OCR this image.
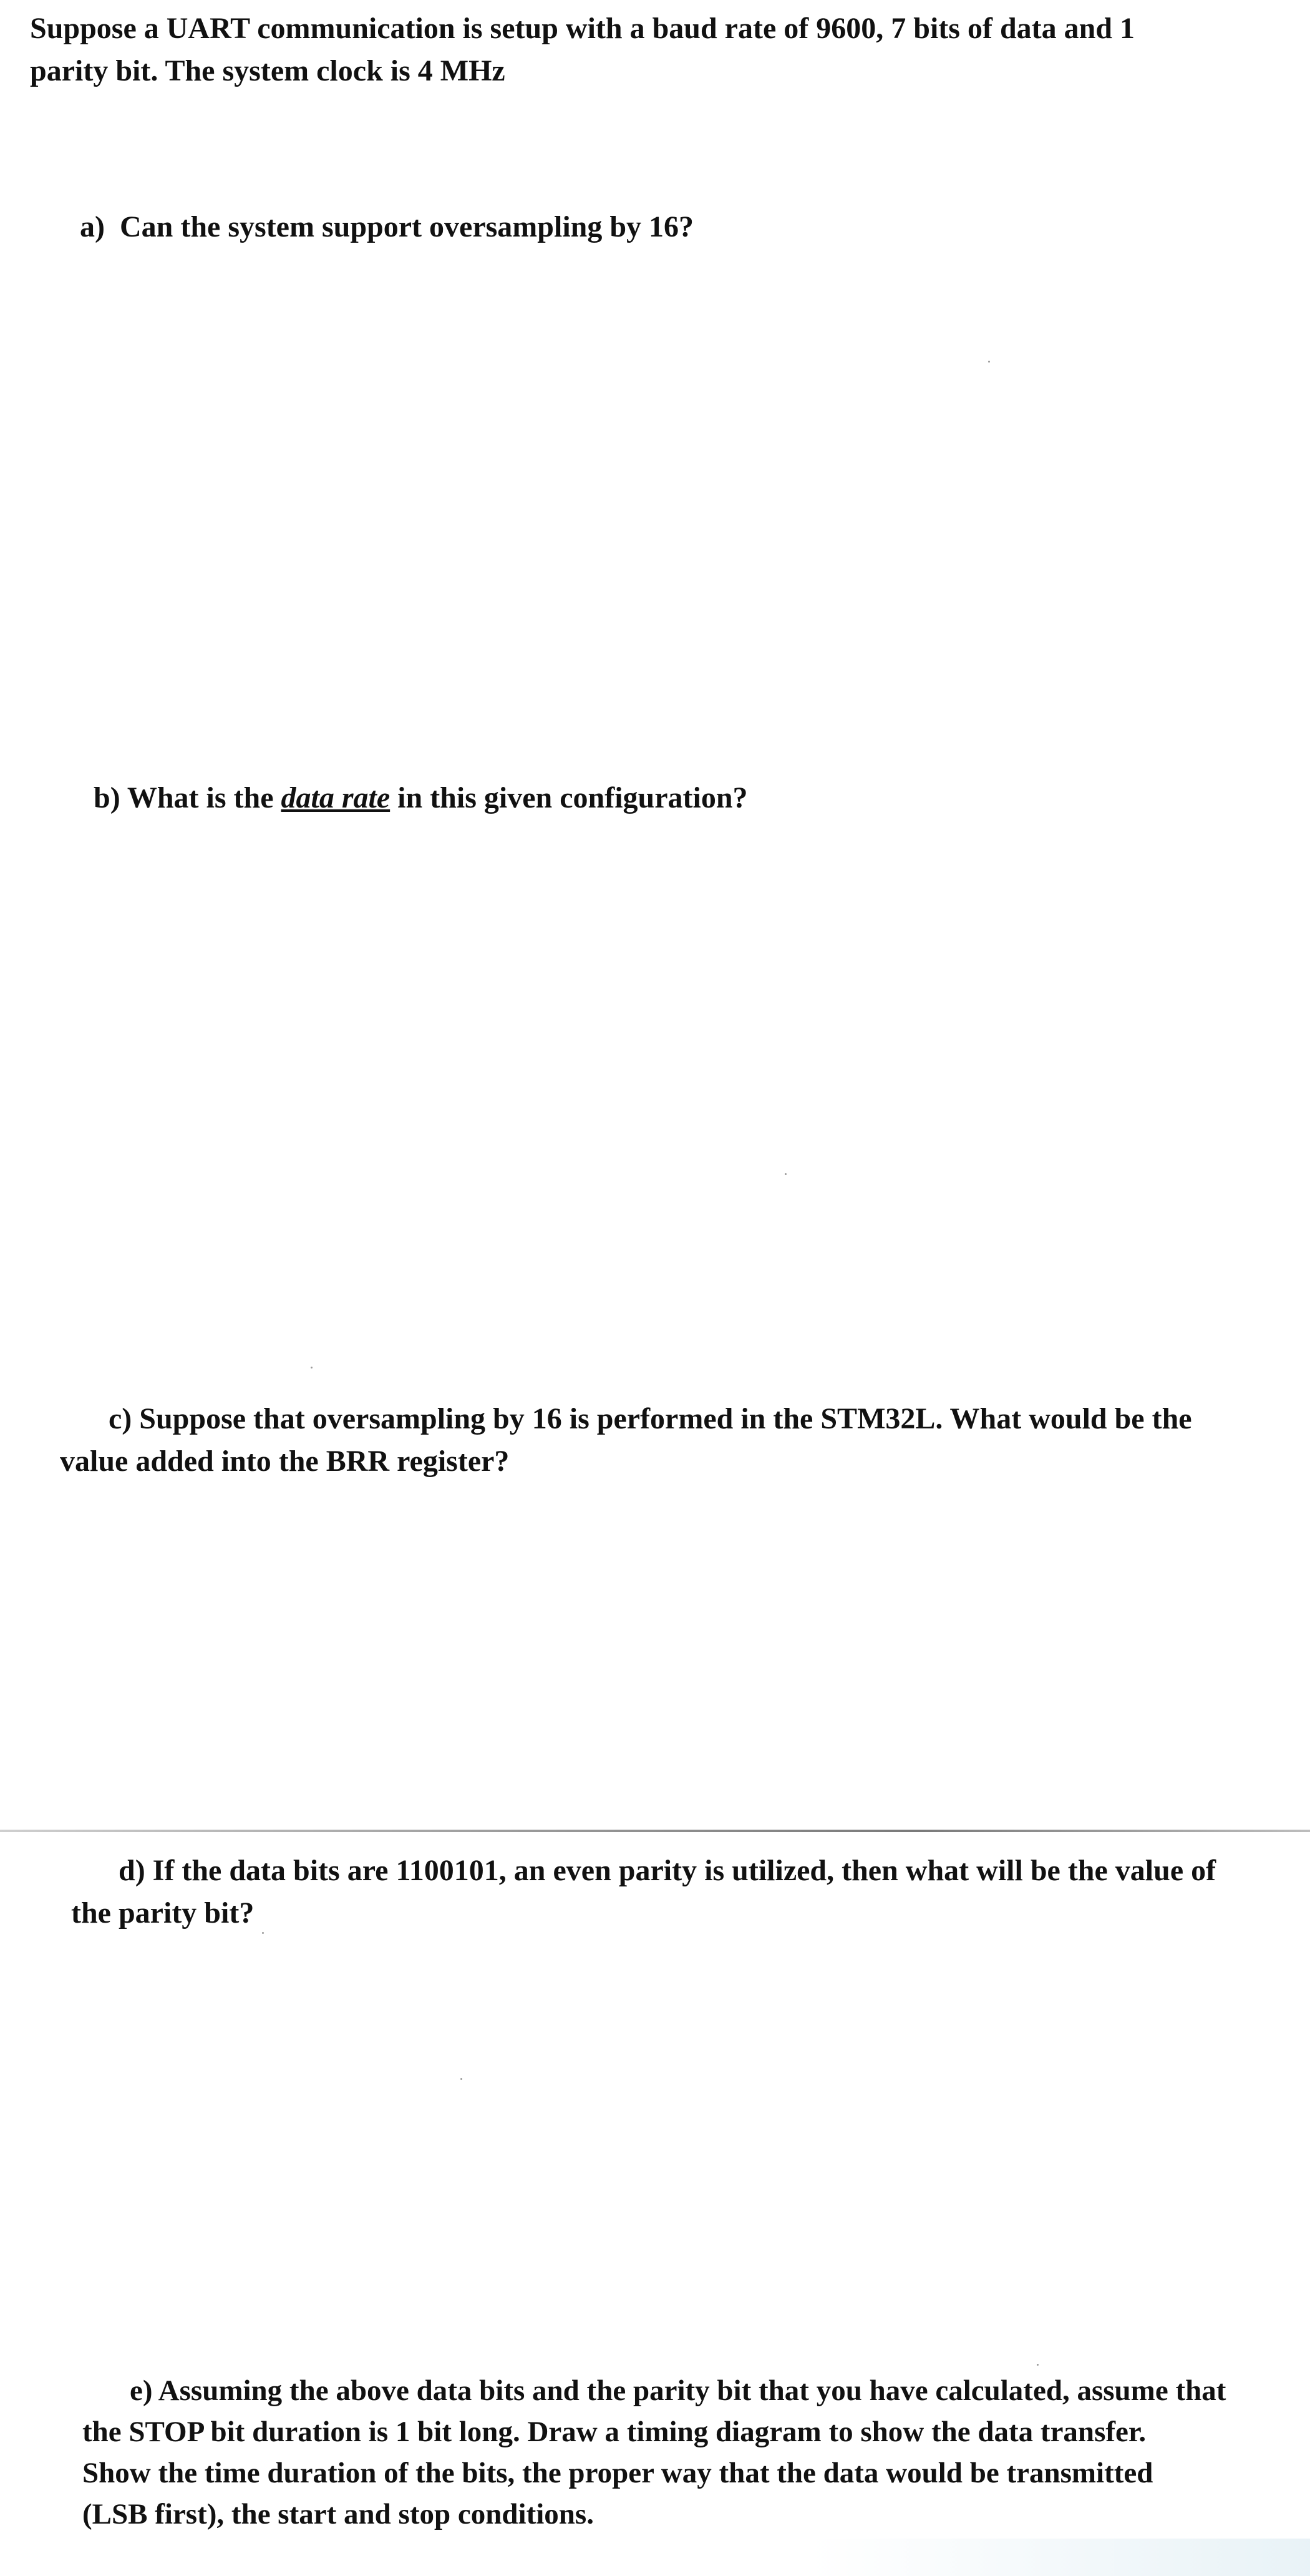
Suppose a UART communication is setup with a baud rate of 9600, 7 bits of data and 1
parity bit. The system clock is 4 MHz
a)  Can the system support oversampling by 16?
b) What is the data rate in this given configuration?
c) Suppose that oversampling by 16 is performed in the STM32L. What would be the
value added into the BRR register?
d) If the data bits are 1100101, an even parity is utilized, then what will be the value of
the parity bit?
e) Assuming the above data bits and the parity bit that you have calculated, assume that
the STOP bit duration is 1 bit long. Draw a timing diagram to show the data transfer.
Show the time duration of the bits, the proper way that the data would be transmitted
(LSB first), the start and stop conditions.
